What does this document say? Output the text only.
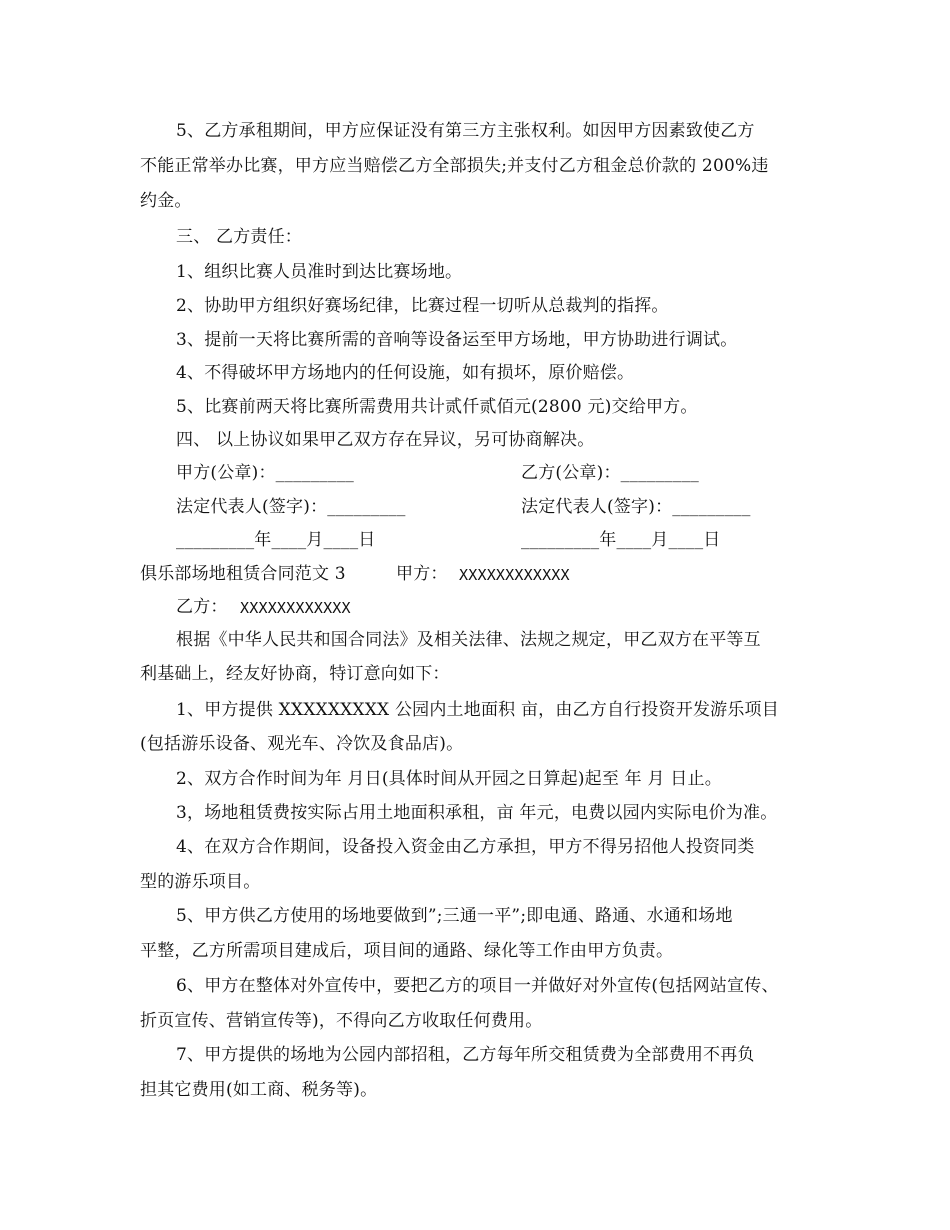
5、乙方承租期间，甲方应保证没有第三方主张权利。如因甲方因素致使乙方
不能正常举办比赛，甲方应当赔偿乙方全部损失;并支付乙方租金总价款的 200%违
约金。
三、 乙方责任：
1、组织比赛人员准时到达比赛场地。
2、协助甲方组织好赛场纪律，比赛过程一切听从总裁判的指挥。
3、提前一天将比赛所需的音响等设备运至甲方场地，甲方协助进行调试。
4、不得破坏甲方场地内的任何设施，如有损坏，原价赔偿。
5、比赛前两天将比赛所需费用共计贰仟贰佰元(2800 元)交给甲方。
四、 以上协议如果甲乙双方存在异议，另可协商解决。
甲方(公章)：_________	乙方(公章)：_________
法定代表人(签字)：_________	法定代表人(签字)：_________
_________年____月____日	_________年____月____日
俱乐部场地租赁合同范文 3	甲方： XXXXXXXXXXXX
乙方： XXXXXXXXXXXX
根据《中华人民共和国合同法》及相关法律、法规之规定，甲乙双方在平等互
利基础上，经友好协商，特订意向如下：
1、甲方提供 XXXXXXXXX 公园内土地面积 亩，由乙方自行投资开发游乐项目
(包括游乐设备、观光车、冷饮及食品店)。
2、双方合作时间为年 月日(具体时间从开园之日算起)起至 年 月 日止。
3，场地租赁费按实际占用土地面积承租，亩 年元，电费以园内实际电价为准。
4、在双方合作期间，设备投入资金由乙方承担，甲方不得另招他人投资同类
型的游乐项目。
5、甲方供乙方使用的场地要做到”;三通一平”;即电通、路通、水通和场地
平整，乙方所需项目建成后，项目间的通路、绿化等工作由甲方负责。
6、甲方在整体对外宣传中，要把乙方的项目一并做好对外宣传(包括网站宣传、
折页宣传、营销宣传等)，不得向乙方收取任何费用。
7、甲方提供的场地为公园内部招租，乙方每年所交租赁费为全部费用不再负
担其它费用(如工商、税务等)。
